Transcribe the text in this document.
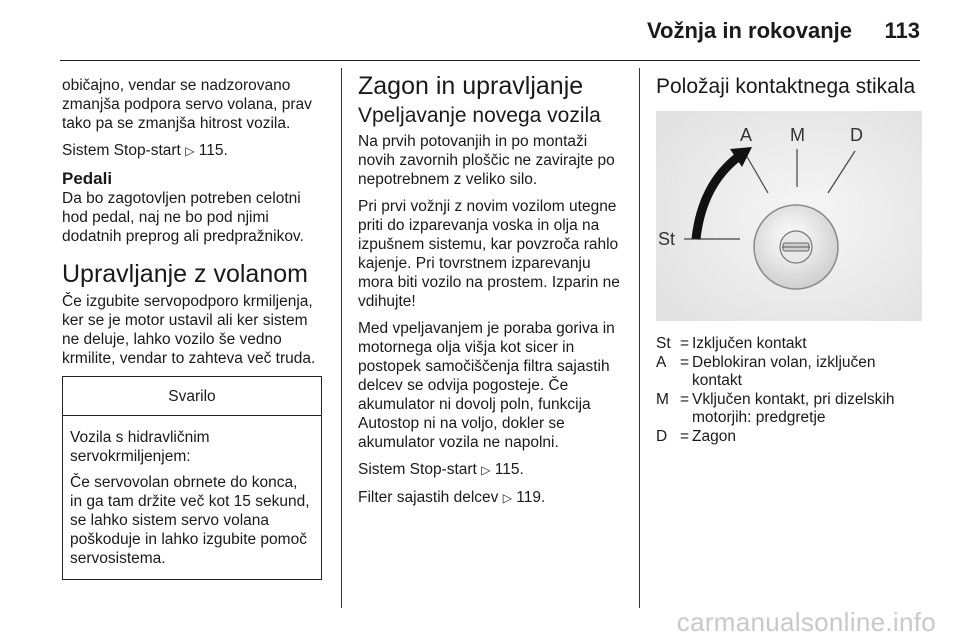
Vožnja in rokovanje 113

običajno, vendar se nadzorovano zmanjša podpora servo volana, prav tako pa se zmanjša hitrost vozila.

Sistem Stop-start ▷ 115.

Pedali

Da bo zagotovljen potreben celotni hod pedal, naj ne bo pod njimi dodatnih preprog ali predpražnikov.

Upravljanje z volanom

Če izgubite servopodporo krmiljenja, ker se je motor ustavil ali ker sistem ne deluje, lahko vozilo še vedno krmilite, vendar to zahteva več truda.

Svarilo

Vozila s hidravličnim servokrmiljenjem:

Če servovolan obrnete do konca, in ga tam držite več kot 15 sekund, se lahko sistem servo volana poškoduje in lahko izgubite pomoč servosistema.

Zagon in upravljanje
Vpeljavanje novega vozila

Na prvih potovanjih in po montaži novih zavornih ploščic ne zavirajte po nepotrebnem z veliko silo.

Pri prvi vožnji z novim vozilom utegne priti do izparevanja voska in olja na izpušnem sistemu, kar povzroča rahlo kajenje. Pri tovrstnem izparevanju mora biti vozilo na prostem. Izparin ne vdihujte!

Med vpeljavanjem je poraba goriva in motornega olja višja kot sicer in postopek samočiščenja filtra sajastih delcev se odvija pogosteje. Če akumulator ni dovolj poln, funkcija Autostop ni na voljo, dokler se akumulator vozila ne napolni.

Sistem Stop-start ▷ 115.

Filter sajastih delcev ▷ 119.

Položaji kontaktnega stikala
A M	D
St
St = Izključen kontakt
A = Deblokiran volan, izključen kontakt
M = Vključen kontakt, pri dizelskih motorjih: predgretje
D = Zagon
carmanualsonline.info
